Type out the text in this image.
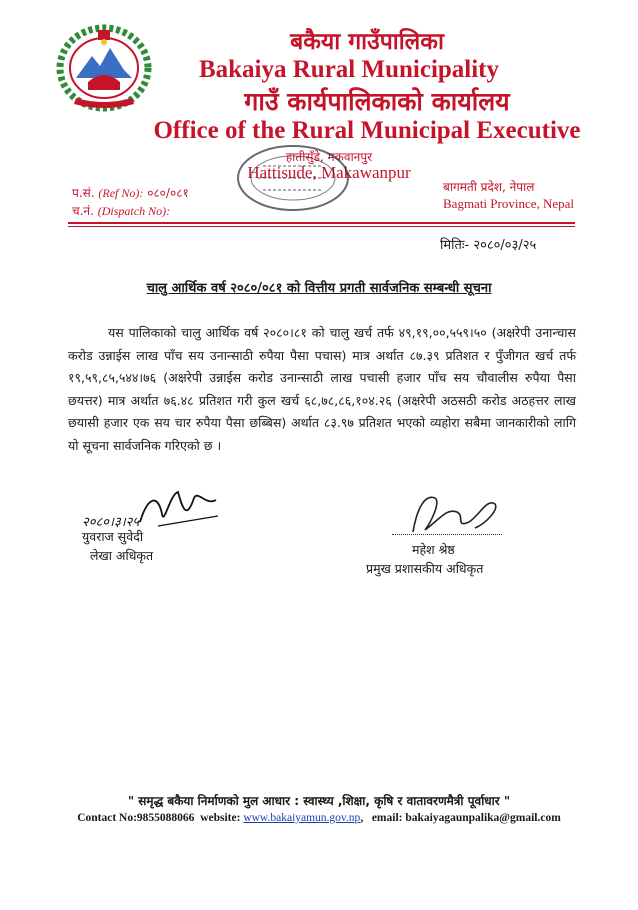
बकैया गाउँपालिका
Bakaiya Rural Municipality
गाउँ कार्यपालिकाको कार्यालय
Office of the Rural Municipal Executive
हातीसुँडे, मकवानपुर
Hattisude, Makawanpur
प.सं. (Ref No): ०८०/०८१
च.नं. (Dispatch No):
बागमती प्रदेश, नेपाल
Bagmati Province, Nepal
मितिः- २०८०/०३/२५
चालु आर्थिक वर्ष २०८०/०८१ को वित्तीय प्रगती सार्वजनिक सम्बन्धी सूचना
यस पालिकाको चालु आर्थिक वर्ष २०८०।८१ को चालु खर्च तर्फ ४९,१९,००,५५९।५० (अक्षरेपी उनान्चास करोड उन्नाईस लाख पाँच सय उनान्साठी रुपैया पैसा पचास) मात्र अर्थात ८७.३९ प्रतिशत र पुँजीगत खर्च तर्फ १९,५९,८५,५४४।७६ (अक्षरेपी उन्नाईस करोड उनान्साठी लाख पचासी हजार पाँच सय चौवालीस रुपैया पैसा छयत्तर) मात्र अर्थात ७६.४८ प्रतिशत गरी कुल खर्च ६८,७८,८६,१०४.२६ (अक्षरेपी अठसठी करोड अठहत्तर लाख छयासी हजार एक सय चार रुपैया पैसा छब्बिस) अर्थात ८३.९७ प्रतिशत भएको व्यहोरा सबैमा जानकारीको लागि यो सूचना सार्वजनिक गरिएको छ ।
२०८०।३।२५
युवराज सुवेदी
लेखा अधिकृत	महेश श्रेष्ठ
प्रमुख प्रशासकीय अधिकृत
" समृद्ध बकैया निर्माणको मुल आधार : स्वास्थ्य ,शिक्षा, कृषि र वातावरणमैत्री पूर्वाधार "
Contact No:9855088066 website: www.bakaiyamun.gov.np,   email: bakaiyagaunpalika@gmail.com
